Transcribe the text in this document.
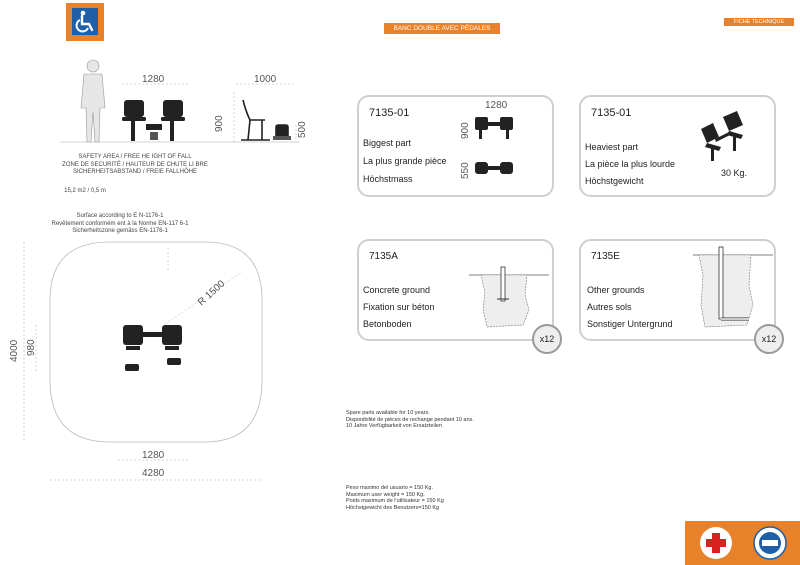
BANC DOUBLE AVEC PÉDALES
FICHE TECHNIQUE
1280	1000
900	500
SAFETY AREA / FREE HE IGHT OF FALL
ZONE DE SECURITÉ / HAUTEUR DE CHUTE LI BRE
SICHERHEITSABSTAND / FREIE FALLHÖHE
15,2 m2 / 0,5 m
Surface according to E N-1176-1
Revêtement conformém ent à la Norme EN-117 6-1
Sicherheitszone gemäss EN-1176-1
R 1500
4000 980
1280
4280
7135-01
Biggest part
La plus grande pièce
Höchstmass
1280
900
550
7135-01
Heaviest part
La pièce la plus lourde
Höchstgewicht
30 Kg.
7135A
Concrete ground
Fixation sur béton
Betonboden
x12
7135E
Other grounds
Autres sols
Sonstiger Untergrund
x12
Spare parts available for 10 years.
Disponibilité de pièces de rechange pendant 10 ans.
10 Jahre Verfügbarkeit von Ersatzteilen
Peso maximo del usuario = 150 Kg.
Maximum user weight = 150 Kg.
Poids maximum de l'utilisateur = 150 Kg
Höchstgewicht des Benutzers=150 Kg
